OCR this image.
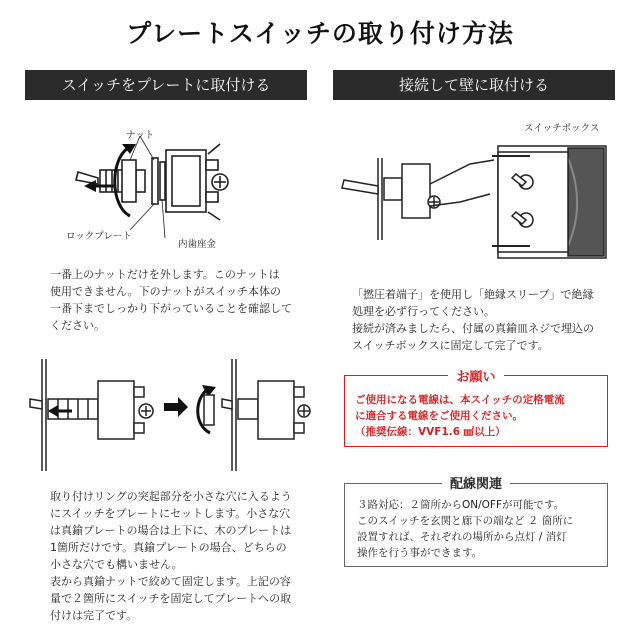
プレートスイッチの取り付け方法
スイッチをプレートに取付ける	接続して壁に取付ける
ナット
ロックプレート
内歯座金
一番上のナットだけを外します。このナットは
使用できません。下のナットがスイッチ本体の
一番下までしっかり下がっていることを確認して
ください。
取り付けリングの突起部分を小さな穴に入るよう
にスイッチをプレートにセットします。小さな穴
は真鍮プレートの場合は上下に、木のプレートは
1箇所だけです。真鍮プレートの場合、どちらの
小さな穴でも構いません。
表から真鍮ナットで絞めて固定します。上記の容
量で２箇所にスイッチを固定してプレートへの取
付けは完了です。
スイッチボックス
「撚圧着端子」を使用し「絶縁スリーブ」で絶縁
処理を必ず行ってください。
接続が済みましたら、付属の真鍮皿ネジで埋込の
スイッチボックスに固定して完了です。
お願い
ご使用になる電線は、本スイッチの定格電流
に適合する電線をご使用ください。
（推奨伝線：VVF1.6 ㎟以上）
配線関連
３路対応：２箇所からON/OFFが可能です。
このスイッチを玄関と廊下の端など ２ 箇所に
設置すれば、それぞれの場所から点灯 / 消灯
操作を行う事ができます。
